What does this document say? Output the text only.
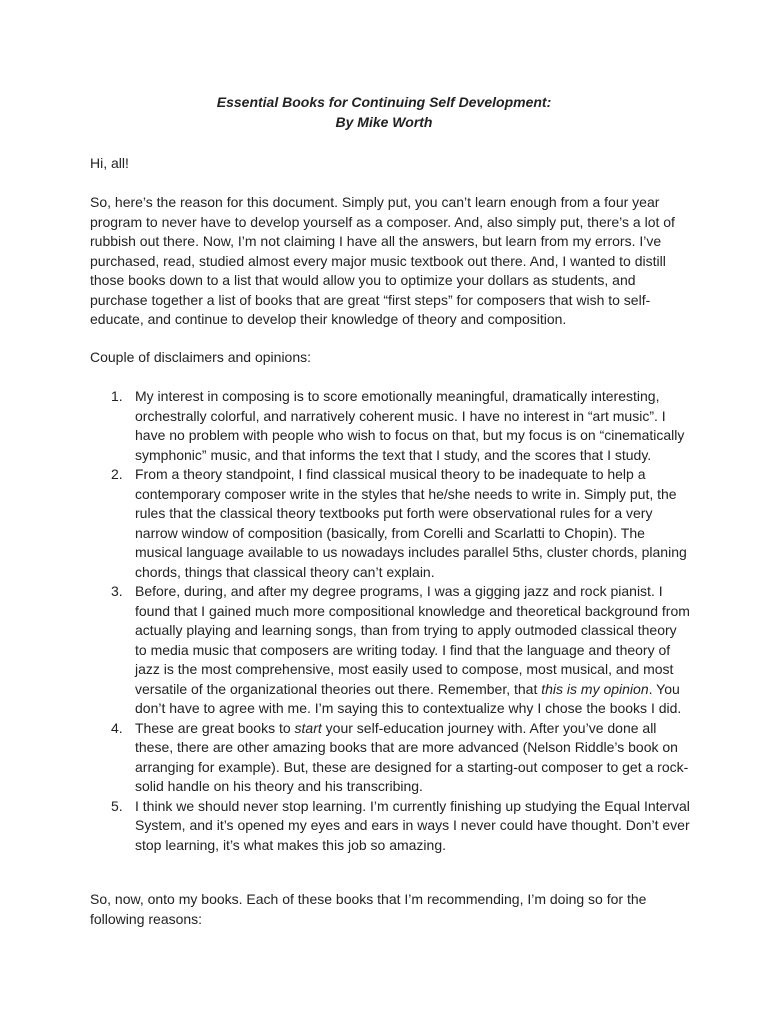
Essential Books for Continuing Self Development:
By Mike Worth
Hi, all!
So, here’s the reason for this document. Simply put, you can’t learn enough from a four year program to never have to develop yourself as a composer. And, also simply put, there’s a lot of rubbish out there. Now, I’m not claiming I have all the answers, but learn from my errors. I’ve purchased, read, studied almost every major music textbook out there. And, I wanted to distill those books down to a list that would allow you to optimize your dollars as students, and purchase together a list of books that are great “first steps” for composers that wish to self-educate, and continue to develop their knowledge of theory and composition.
Couple of disclaimers and opinions:
1. My interest in composing is to score emotionally meaningful, dramatically interesting, orchestrally colorful, and narratively coherent music. I have no interest in “art music”. I have no problem with people who wish to focus on that, but my focus is on “cinematically symphonic” music, and that informs the text that I study, and the scores that I study.
2. From a theory standpoint, I find classical musical theory to be inadequate to help a contemporary composer write in the styles that he/she needs to write in. Simply put, the rules that the classical theory textbooks put forth were observational rules for a very narrow window of composition (basically, from Corelli and Scarlatti to Chopin). The musical language available to us nowadays includes parallel 5ths, cluster chords, planing chords, things that classical theory can’t explain.
3. Before, during, and after my degree programs, I was a gigging jazz and rock pianist. I found that I gained much more compositional knowledge and theoretical background from actually playing and learning songs, than from trying to apply outmoded classical theory to media music that composers are writing today. I find that the language and theory of jazz is the most comprehensive, most easily used to compose, most musical, and most versatile of the organizational theories out there. Remember, that this is my opinion. You don’t have to agree with me. I’m saying this to contextualize why I chose the books I did.
4. These are great books to start your self-education journey with. After you’ve done all these, there are other amazing books that are more advanced (Nelson Riddle’s book on arranging for example). But, these are designed for a starting-out composer to get a rock-solid handle on his theory and his transcribing.
5. I think we should never stop learning. I’m currently finishing up studying the Equal Interval System, and it’s opened my eyes and ears in ways I never could have thought. Don’t ever stop learning, it’s what makes this job so amazing.
So, now, onto my books. Each of these books that I’m recommending, I’m doing so for the following reasons:
